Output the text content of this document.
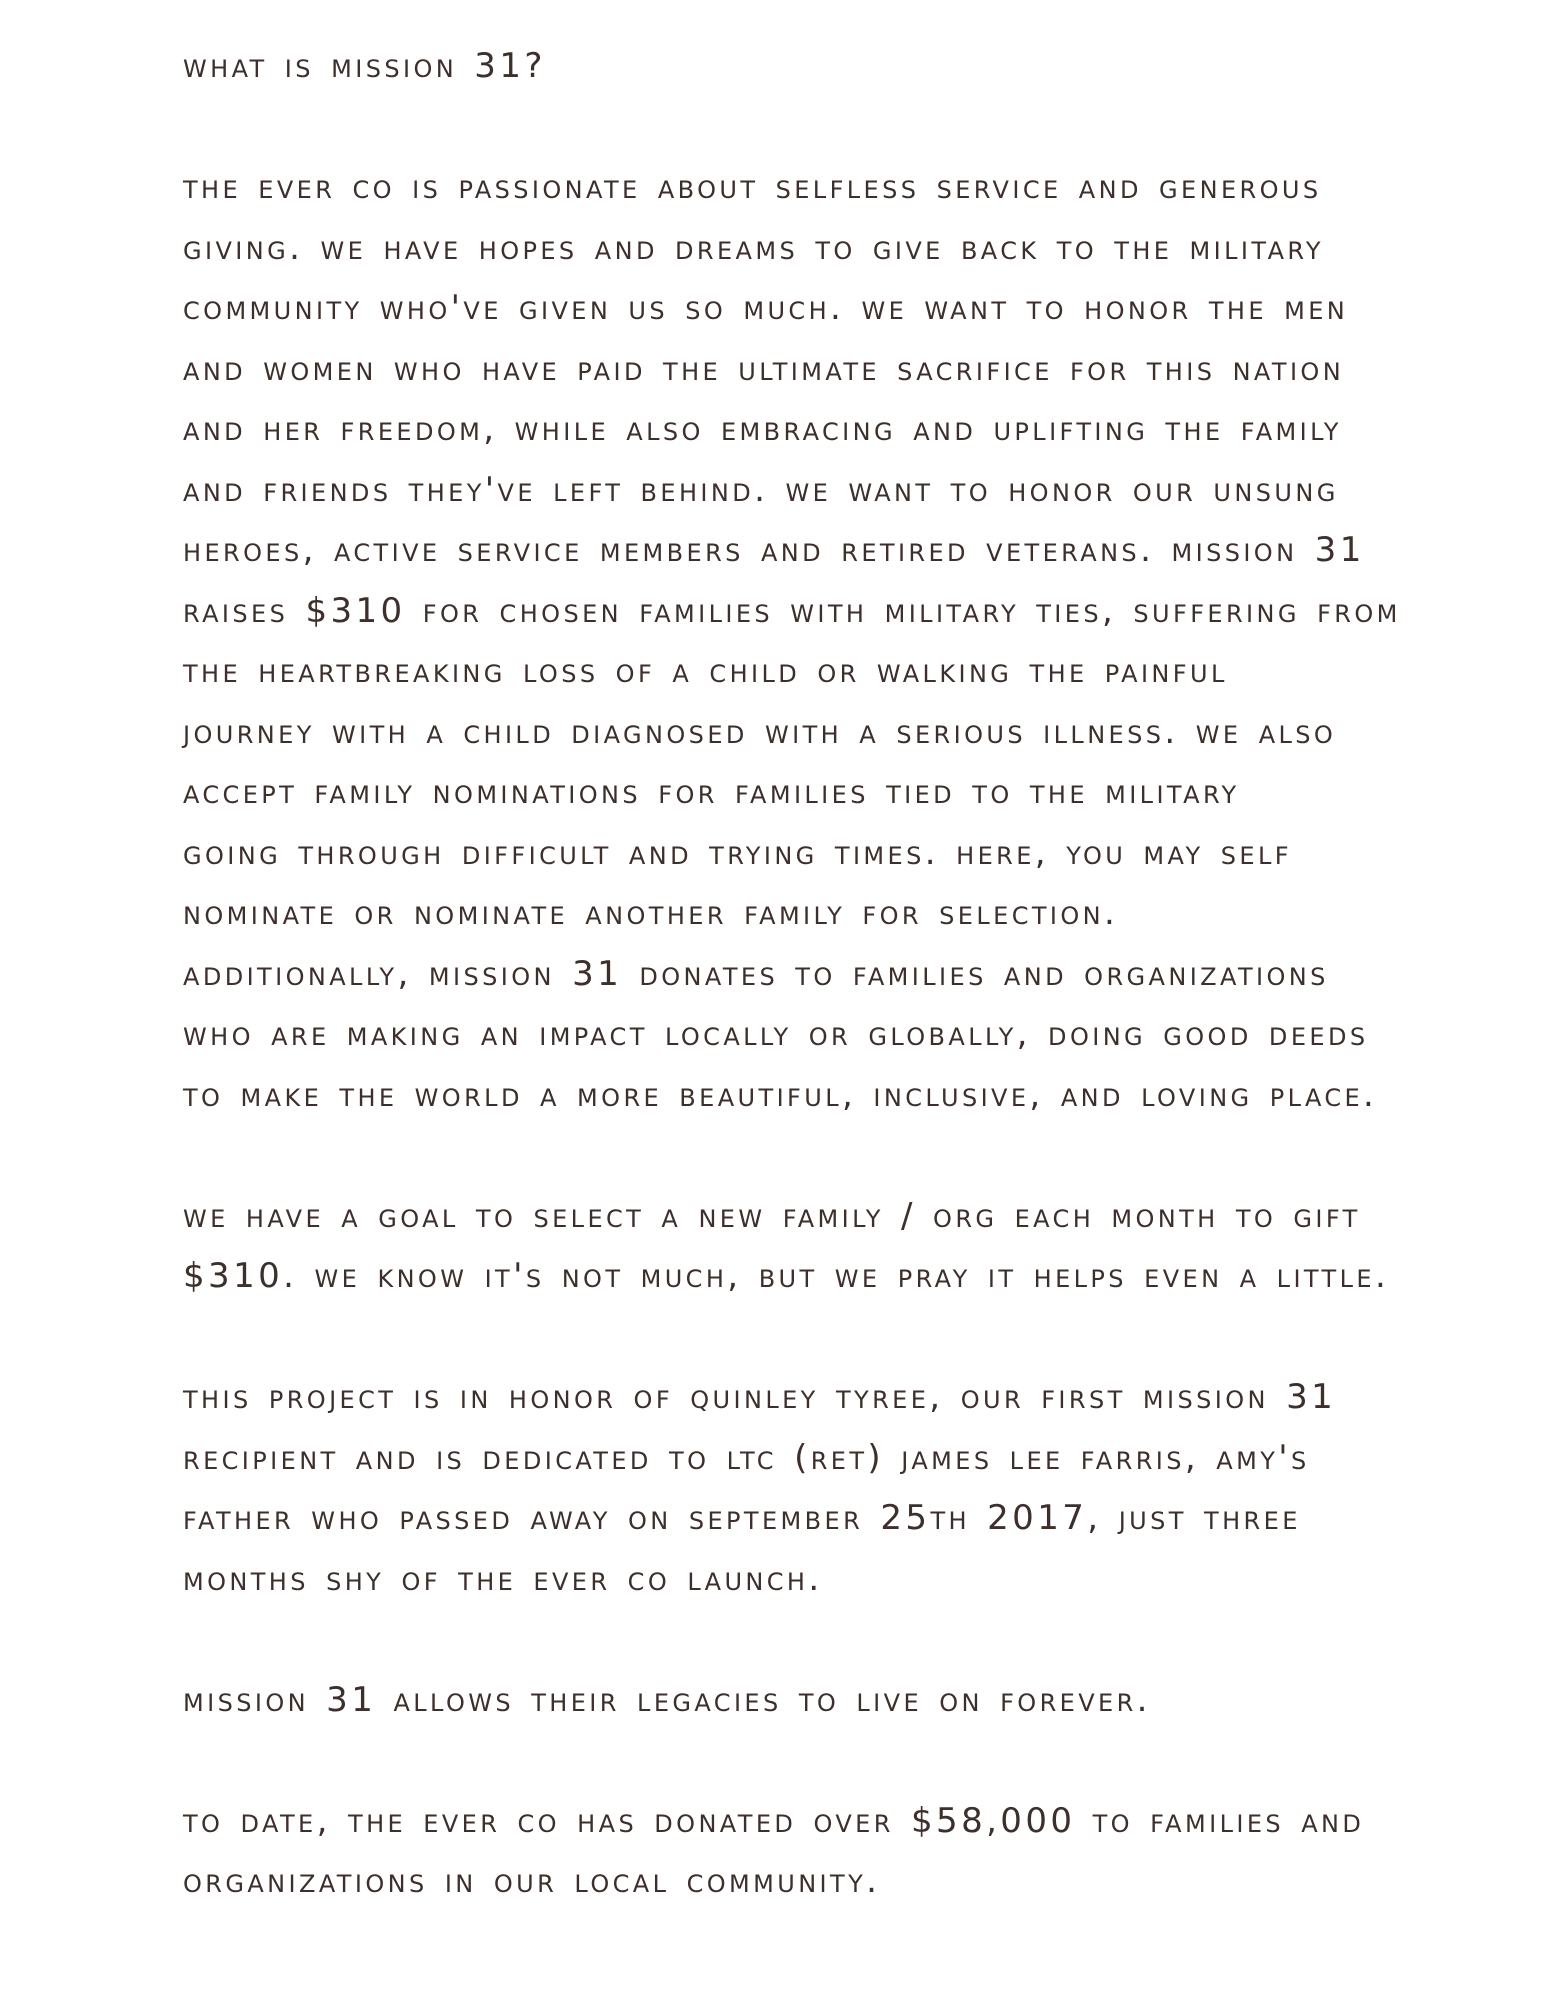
what is mission 31?
the ever co is passionate about selfless service and generous
giving. we have hopes and dreams to give back to the military
community who've given us so much. we want to honor the men
and women who have paid the ultimate sacrifice for this nation
and her freedom, while also embracing and uplifting the family
and friends they've left behind. we want to honor our unsung
heroes, active service members and retired veterans. mission 31
raises $310 for chosen families with military ties, suffering from
the heartbreaking loss of a child or walking the painful
journey with a child diagnosed with a serious illness. we also
accept family nominations for families tied to the military
going through difficult and trying times. here, you may self
nominate or nominate another family for selection.
additionally, mission 31 donates to families and organizations
who are making an impact locally or globally, doing good deeds
to make the world a more beautiful, inclusive, and loving place.
we have a goal to select a new family / org each month to gift
$310. we know it's not much, but we pray it helps even a little.
this project is in honor of quinley tyree, our first mission 31
recipient and is dedicated to ltc (ret) james lee farris, amy's
father who passed away on september 25th 2017, just three
months shy of the ever co launch.
mission 31 allows their legacies to live on forever.
to date, the ever co has donated over $58,000 to families and
organizations in our local community.
